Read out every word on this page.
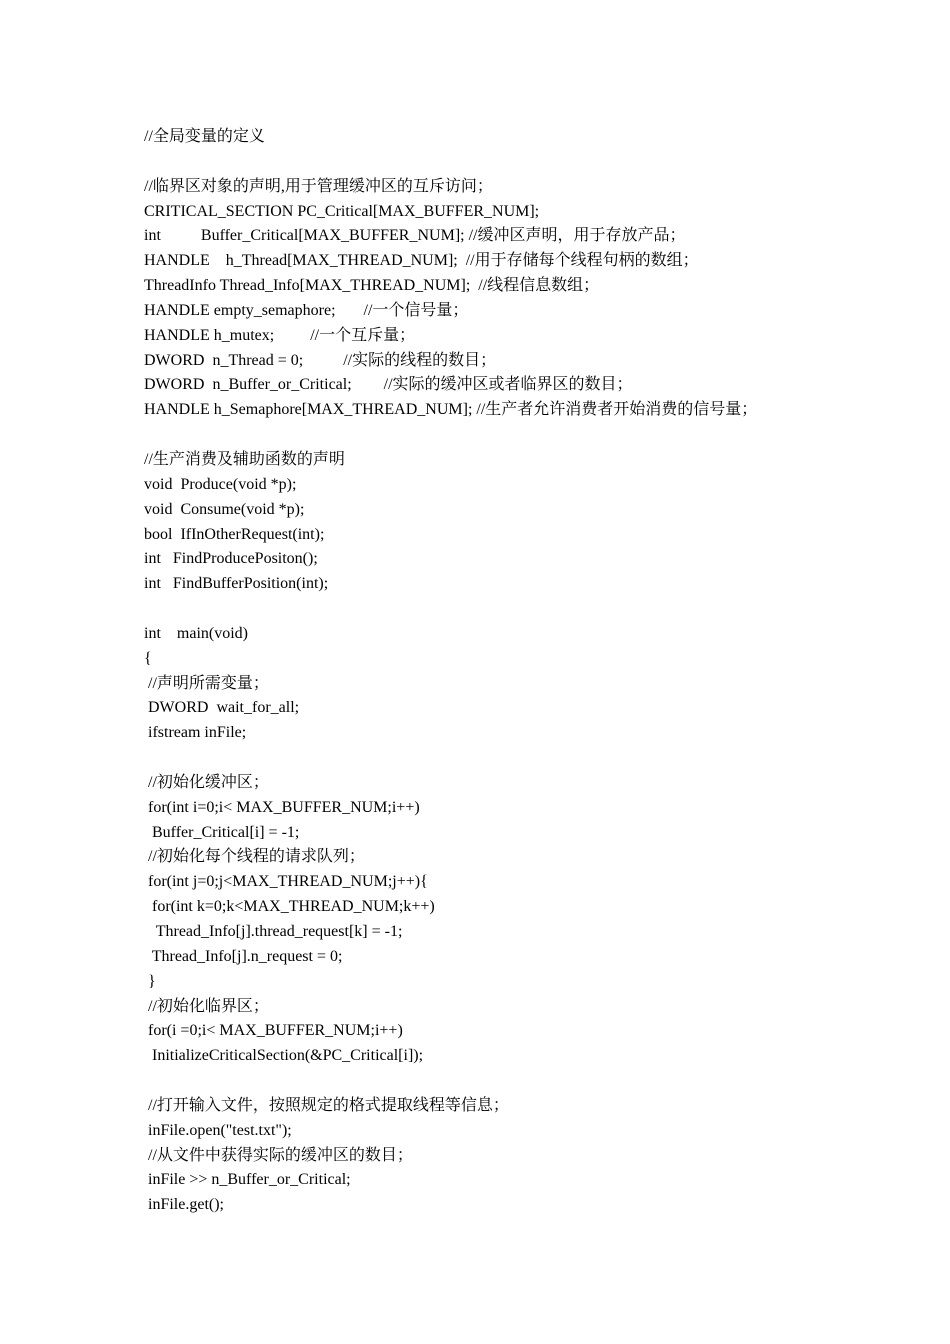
//全局变量的定义

//临界区对象的声明,用于管理缓冲区的互斥访问；
CRITICAL_SECTION PC_Critical[MAX_BUFFER_NUM];
int          Buffer_Critical[MAX_BUFFER_NUM]; //缓冲区声明，用于存放产品；
HANDLE    h_Thread[MAX_THREAD_NUM];  //用于存储每个线程句柄的数组；
ThreadInfo Thread_Info[MAX_THREAD_NUM];  //线程信息数组；
HANDLE empty_semaphore;       //一个信号量；
HANDLE h_mutex;         //一个互斥量；
DWORD  n_Thread = 0;          //实际的线程的数目；
DWORD  n_Buffer_or_Critical;        //实际的缓冲区或者临界区的数目；
HANDLE h_Semaphore[MAX_THREAD_NUM]; //生产者允许消费者开始消费的信号量；

//生产消费及辅助函数的声明
void  Produce(void *p);
void  Consume(void *p);
bool  IfInOtherRequest(int);
int   FindProducePositon();
int   FindBufferPosition(int);

int    main(void)
{
//声明所需变量；
DWORD  wait_for_all;
ifstream inFile;

//初始化缓冲区；
for(int i=0;i< MAX_BUFFER_NUM;i++)
Buffer_Critical[i] = -1;
//初始化每个线程的请求队列；
for(int j=0;j<MAX_THREAD_NUM;j++){
for(int k=0;k<MAX_THREAD_NUM;k++)
Thread_Info[j].thread_request[k] = -1;
Thread_Info[j].n_request = 0;
}
//初始化临界区；
for(i =0;i< MAX_BUFFER_NUM;i++)
InitializeCriticalSection(&PC_Critical[i]);

//打开输入文件，按照规定的格式提取线程等信息；
inFile.open("test.txt");
//从文件中获得实际的缓冲区的数目；
inFile >> n_Buffer_or_Critical;
inFile.get();
